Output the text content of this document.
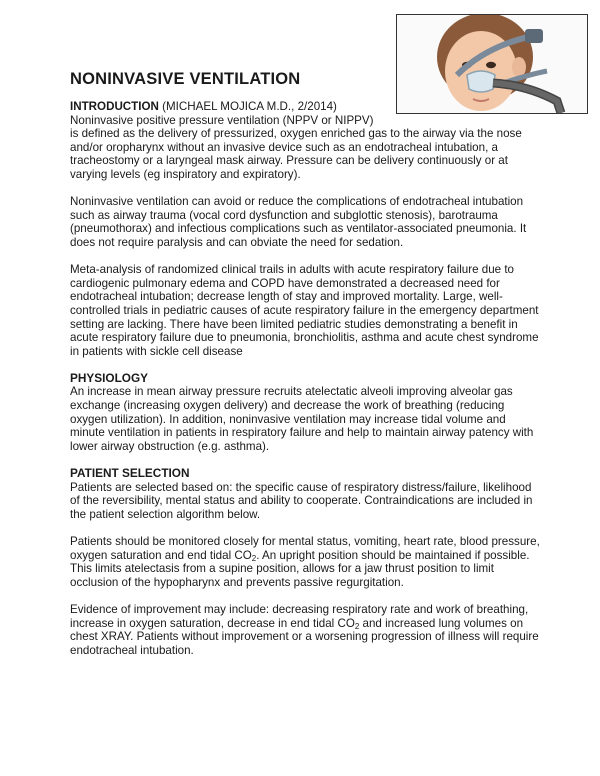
NONINVASIVE VENTILATION

INTRODUCTION (MICHAEL MOJICA M.D., 2/2014)

Noninvasive positive pressure ventilation (NPPV or NIPPV)

is defined as the delivery of pressurized, oxygen enriched gas to the airway via the nose and/or oropharynx without an invasive device such as an endotracheal intubation, a tracheostomy or a laryngeal mask airway. Pressure can be delivery continuously or at varying levels (eg inspiratory and expiratory).

Noninvasive ventilation can avoid or reduce the complications of endotracheal intubation such as airway trauma (vocal cord dysfunction and subglottic stenosis), barotrauma (pneumothorax) and infectious complications such as ventilator-associated pneumonia. It does not require paralysis and can obviate the need for sedation.

Meta-analysis of randomized clinical trails in adults with acute respiratory failure due to cardiogenic pulmonary edema and COPD have demonstrated a decreased need for endotracheal intubation; decrease length of stay and improved mortality. Large, well-controlled trials in pediatric causes of acute respiratory failure in the emergency department setting are lacking. There have been limited pediatric studies demonstrating a benefit in acute respiratory failure due to pneumonia, bronchiolitis, asthma and acute chest syndrome in patients with sickle cell disease

PHYSIOLOGY

An increase in mean airway pressure recruits atelectatic alveoli improving alveolar gas exchange (increasing oxygen delivery) and decrease the work of breathing (reducing oxygen utilization). In addition, noninvasive ventilation may increase tidal volume and minute ventilation in patients in respiratory failure and help to maintain airway patency with lower airway obstruction (e.g. asthma).

PATIENT SELECTION

Patients are selected based on: the specific cause of respiratory distress/failure, likelihood of the reversibility, mental status and ability to cooperate. Contraindications are included in the patient selection algorithm below.

Patients should be monitored closely for mental status, vomiting, heart rate, blood pressure, oxygen saturation and end tidal $CO_2$. An upright position should be maintained if possible. This limits atelectasis from a supine position, allows for a jaw thrust position to limit occlusion of the hypopharynx and prevents passive regurgitation.

Evidence of improvement may include: decreasing respiratory rate and work of breathing, increase in oxygen saturation, decrease in end tidal $CO_2$ and increased lung volumes on chest XRAY. Patients without improvement or a worsening progression of illness will require endotracheal intubation.
